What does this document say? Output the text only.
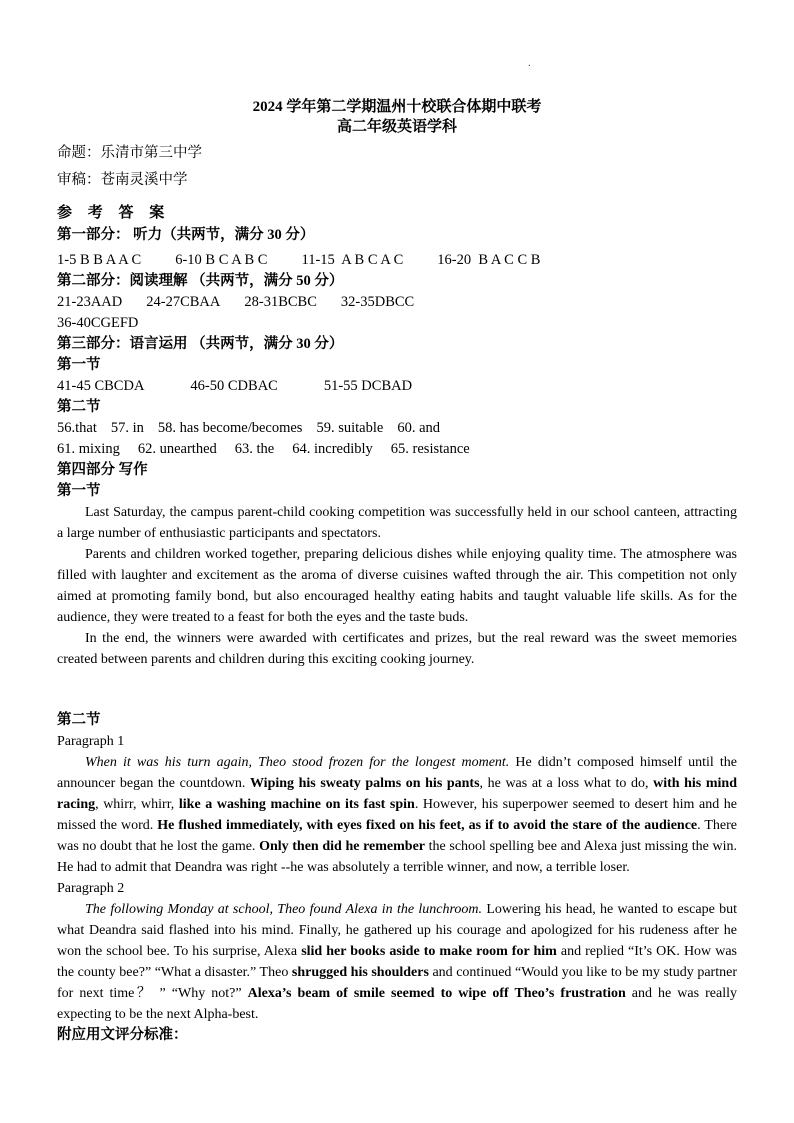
.

2024 学年第二学期温州十校联合体期中联考

高二年级英语学科

命题：乐清市第三中学

审稿：苍南灵溪中学

参 考 答 案

第一部分： 听力（共两节，满分 30 分）

1-5 B B A A C 6-10 B C A B C 11-15  A B C A C 16-20  B A C C B

第二部分：阅读理解 （共两节，满分 50 分）

21-23AAD 24-27CBAA 28-31BCBC 32-35DBCC

36-40CGEFD

第三部分：语言运用 （共两节，满分 30 分）

第一节

41-45 CBCDA	46-50 CDBAC	51-55 DCBAD

第二节

56.that 57. in 58. has become/becomes 59. suitable 60. and
61. mixing 62. unearthed 63. the 64. incredibly 65. resistance

第四部分 写作

第一节

Last Saturday, the campus parent-child cooking competition was successfully held in our school canteen, attracting a large number of enthusiastic participants and spectators.

Parents and children worked together, preparing delicious dishes while enjoying quality time. The atmosphere was filled with laughter and excitement as the aroma of diverse cuisines wafted through the air. This competition not only aimed at promoting family bond, but also encouraged healthy eating habits and taught valuable life skills. As for the audience, they were treated to a feast for both the eyes and the taste buds.

In the end, the winners were awarded with certificates and prizes, but the real reward was the sweet memories created between parents and children during this exciting cooking journey.

第二节

Paragraph 1

When it was his turn again, Theo stood frozen for the longest moment. He didn’t composed himself until the announcer began the countdown. Wiping his sweaty palms on his pants, he was at a loss what to do, with his mind racing, whirr, whirr, like a washing machine on its fast spin. However, his superpower seemed to desert him and he missed the word. He flushed immediately, with eyes fixed on his feet, as if to avoid the stare of the audience. There was no doubt that he lost the game. Only then did he remember the school spelling bee and Alexa just missing the win. He had to admit that Deandra was right --he was absolutely a terrible winner, and now, a terrible loser.

Paragraph 2

The following Monday at school, Theo found Alexa in the lunchroom. Lowering his head, he wanted to escape but what Deandra said flashed into his mind. Finally, he gathered up his courage and apologized for his rudeness after he won the school bee. To his surprise, Alexa slid her books aside to make room for him and replied “It’s OK. How was the county bee?” “What a disaster.” Theo shrugged his shoulders and continued “Would you like to be my study partner for next time？ ” “Why not?” Alexa’s beam of smile seemed to wipe off Theo’s frustration and he was really expecting to be the next Alpha-best.

附应用文评分标准：
